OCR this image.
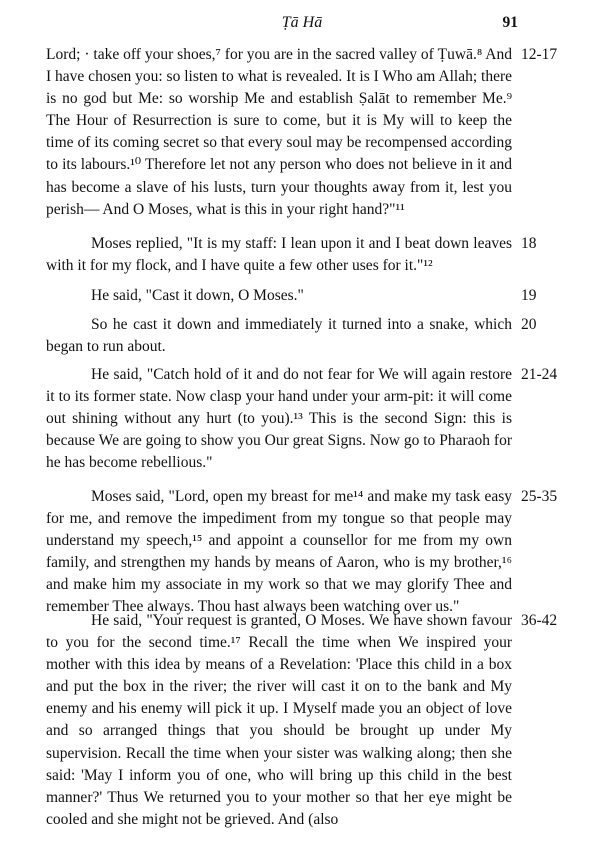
Ṭā Hā	91
Lord; · take off your shoes,⁷ for you are in the sacred valley of Ṭuwā.⁸ And I have chosen you: so listen to what is revealed. It is I Who am Allah; there is no god but Me: so worship Me and establish Ṣalāt to remember Me.⁹ The Hour of Resurrection is sure to come, but it is My will to keep the time of its coming secret so that every soul may be recompensed according to its labours.¹⁰ Therefore let not any person who does not believe in it and has become a slave of his lusts, turn your thoughts away from it, lest you perish— And O Moses, what is this in your right hand?"¹¹
12-17
Moses replied, "It is my staff: I lean upon it and I beat down leaves with it for my flock, and I have quite a few other uses for it."¹²
18
He said, "Cast it down, O Moses."	19
So he cast it down and immediately it turned into a snake, which began to run about.
20
He said, "Catch hold of it and do not fear for We will again restore it to its former state. Now clasp your hand under your arm-pit: it will come out shining without any hurt (to you).¹³ This is the second Sign: this is because We are going to show you Our great Signs. Now go to Pharaoh for he has become rebellious."
21-24
Moses said, "Lord, open my breast for me¹⁴ and make my task easy for me, and remove the impediment from my tongue so that people may understand my speech,¹⁵ and appoint a counsellor for me from my own family, and strengthen my hands by means of Aaron, who is my brother,¹⁶ and make him my associate in my work so that we may glorify Thee and remember Thee always. Thou hast always been watching over us."
25-35
He said, "Your request is granted, O Moses. We have shown favour to you for the second time.¹⁷ Recall the time when We inspired your mother with this idea by means of a Revelation: 'Place this child in a box and put the box in the river; the river will cast it on to the bank and My enemy and his enemy will pick it up. I Myself made you an object of love and so arranged things that you should be brought up under My supervision. Recall the time when your sister was walking along; then she said: 'May I inform you of one, who will bring up this child in the best manner?' Thus We returned you to your mother so that her eye might be cooled and she might not be grieved. And (also
36-42
